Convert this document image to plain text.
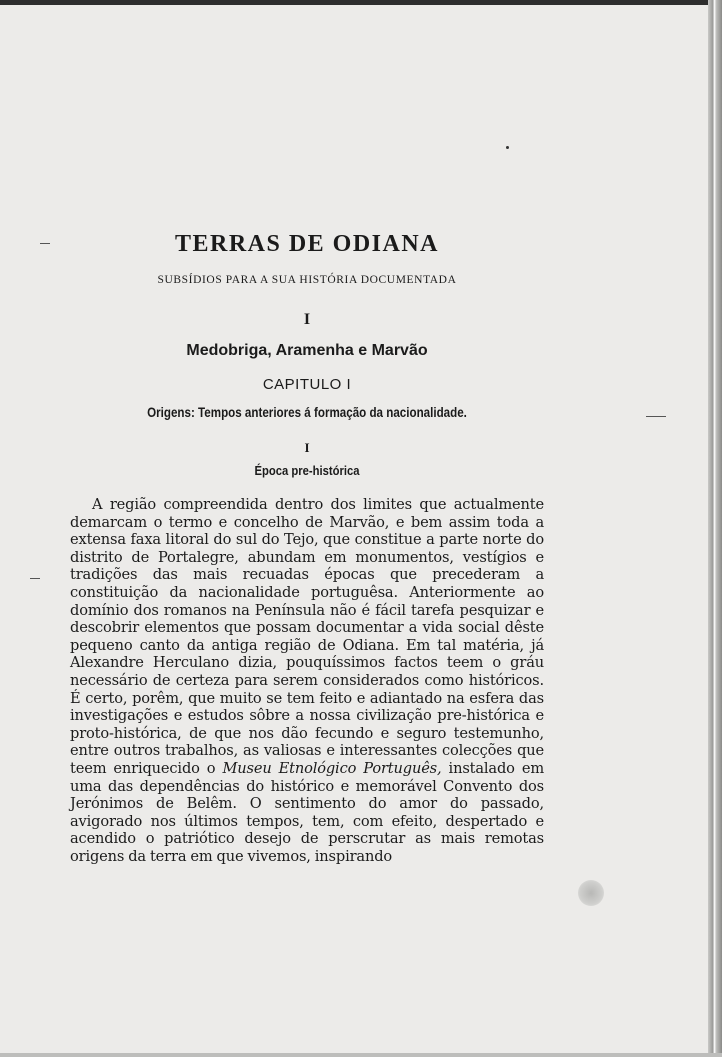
TERRAS DE ODIANA
SUBSÍDIOS PARA A SUA HISTÓRIA DOCUMENTADA
I
Medobriga, Aramenha e Marvão
CAPITULO I
Origens: Tempos anteriores á formação da nacionalidade.
I
Época pre-histórica

A região compreendida dentro dos limites que actualmente demarcam o termo e concelho de Marvão, e bem assim toda a extensa faxa litoral do sul do Tejo, que constitue a parte norte do distrito de Portalegre, abundam em monumentos, vestígios e tradições das mais recuadas épocas que precederam a constituição da nacionalidade portuguêsa. Anteriormente ao domínio dos romanos na Península não é fácil tarefa pesquizar e descobrir elementos que possam documentar a vida social dêste pequeno canto da antiga região de Odiana. Em tal matéria, já Alexandre Herculano dizia, pouquíssimos factos teem o gráu necessário de certeza para serem considerados como históricos. É certo, porêm, que muito se tem feito e adiantado na esfera das investigações e estudos sôbre a nossa civilização pre-histórica e proto-histórica, de que nos dão fecundo e seguro testemunho, entre outros trabalhos, as valiosas e interessantes colecções que teem enriquecido o Museu Etnológico Português, instalado em uma das dependências do histórico e memorável Convento dos Jerónimos de Belêm. O sentimento do amor do passado, avigorado nos últimos tempos, tem, com efeito, despertado e acendido o patriótico desejo de perscrutar as mais remotas origens da terra em que vivemos, inspirando
